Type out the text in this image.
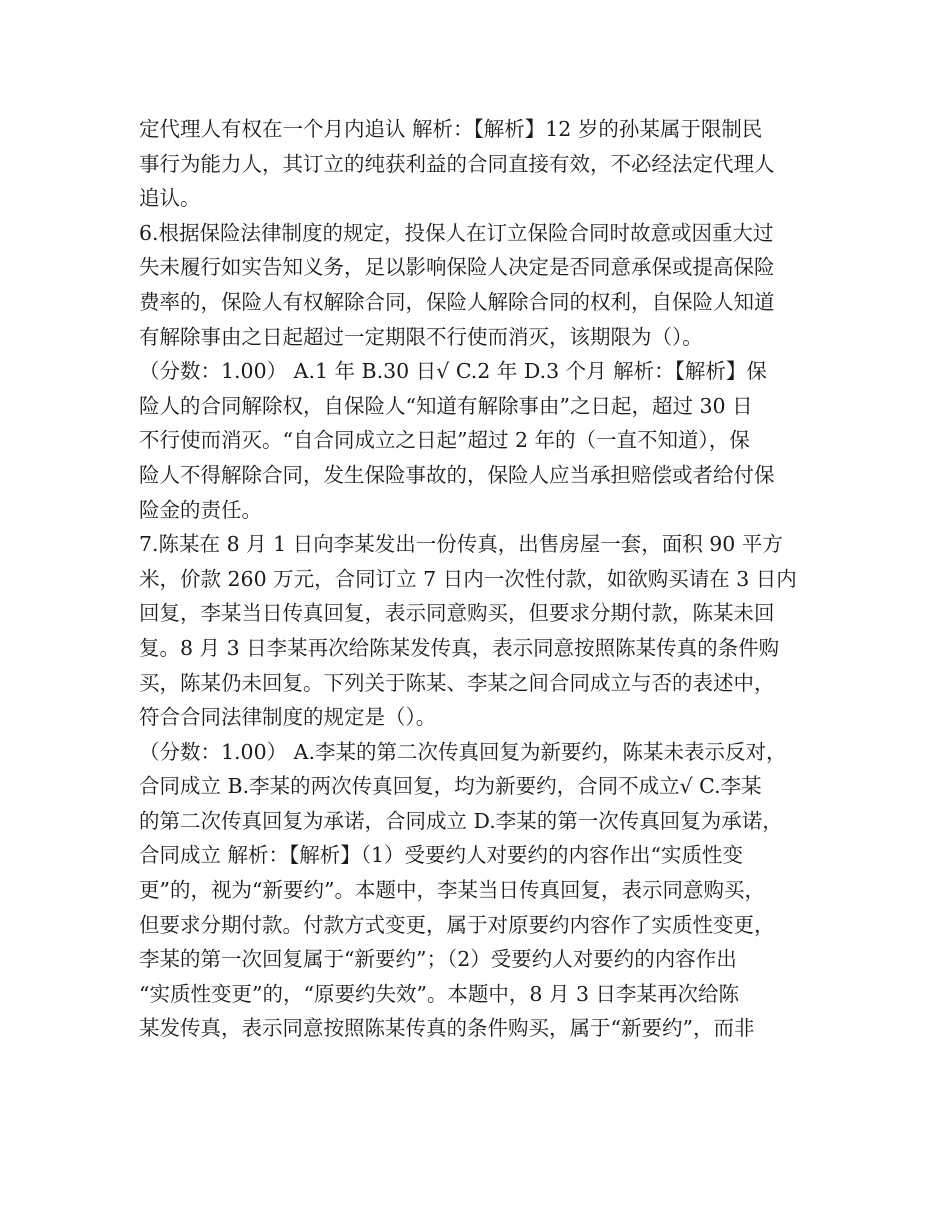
定代理人有权在一个月内追认 解析：【解析】12 岁的孙某属于限制民
事行为能力人，其订立的纯获利益的合同直接有效，不必经法定代理人
追认。
6.根据保险法律制度的规定，投保人在订立保险合同时故意或因重大过
失未履行如实告知义务，足以影响保险人决定是否同意承保或提高保险
费率的，保险人有权解除合同，保险人解除合同的权利，自保险人知道
有解除事由之日起超过一定期限不行使而消灭，该期限为（）。
（分数：1.00） A.1 年 B.30 日√ C.2 年 D.3 个月 解析：【解析】保
险人的合同解除权，自保险人“知道有解除事由”之日起，超过 30 日
不行使而消灭。“自合同成立之日起”超过 2 年的（一直不知道），保
险人不得解除合同，发生保险事故的，保险人应当承担赔偿或者给付保
险金的责任。
7.陈某在 8 月 1 日向李某发出一份传真，出售房屋一套，面积 90 平方
米，价款 260 万元，合同订立 7 日内一次性付款，如欲购买请在 3 日内
回复，李某当日传真回复，表示同意购买，但要求分期付款，陈某未回
复。8 月 3 日李某再次给陈某发传真，表示同意按照陈某传真的条件购
买，陈某仍未回复。下列关于陈某、李某之间合同成立与否的表述中，
符合合同法律制度的规定是（）。
（分数：1.00） A.李某的第二次传真回复为新要约，陈某未表示反对，
合同成立 B.李某的两次传真回复，均为新要约，合同不成立√ C.李某
的第二次传真回复为承诺，合同成立 D.李某的第一次传真回复为承诺，
合同成立 解析：【解析】（1）受要约人对要约的内容作出“实质性变
更”的，视为“新要约”。本题中，李某当日传真回复，表示同意购买，
但要求分期付款。付款方式变更，属于对原要约内容作了实质性变更，
李某的第一次回复属于“新要约”；（2）受要约人对要约的内容作出
“实质性变更”的，“原要约失效”。本题中，8 月 3 日李某再次给陈
某发传真，表示同意按照陈某传真的条件购买，属于“新要约”，而非
